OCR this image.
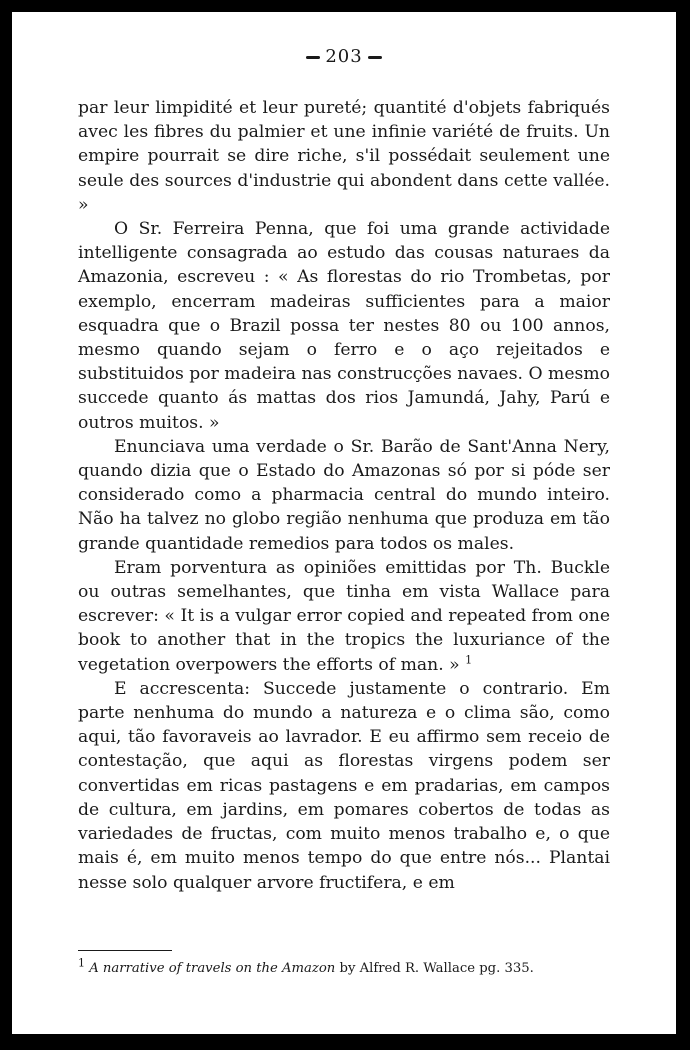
203

par leur limpidité et leur pureté; quantité d'objets fabriqués avec les fibres du palmier et une infinie variété de fruits. Un empire pourrait se dire riche, s'il possédait seulement une seule des sources d'industrie qui abondent dans cette vallée. »

O Sr. Ferreira Penna, que foi uma grande actividade intelligente consagrada ao estudo das cousas naturaes da Amazonia, escreveu : « As florestas do rio Trombetas, por exemplo, encerram madeiras sufficientes para a maior esquadra que o Brazil possa ter nestes 80 ou 100 annos, mesmo quando sejam o ferro e o aço rejeitados e substituidos por madeira nas construcções navaes. O mesmo succede quanto ás mattas dos rios Jamundá, Jahy, Parú e outros muitos. »

Enunciava uma verdade o Sr. Barão de Sant'Anna Nery, quando dizia que o Estado do Amazonas só por si póde ser considerado como a pharmacia central do mundo inteiro. Não ha talvez no globo região nenhuma que produza em tão grande quantidade remedios para todos os males.

Eram porventura as opiniões emittidas por Th. Buckle ou outras semelhantes, que tinha em vista Wallace para escrever: « It is a vulgar error copied and repeated from one book to another that in the tropics the luxuriance of the vegetation overpowers the efforts of man. » $^1$

E accrescenta: Succede justamente o contrario. Em parte nenhuma do mundo a natureza e o clima são, como aqui, tão favoraveis ao lavrador. E eu affirmo sem receio de contestação, que aqui as florestas virgens podem ser convertidas em ricas pastagens e em pradarias, em campos de cultura, em jardins, em pomares cobertos de todas as variedades de fructas, com muito menos trabalho e, o que mais é, em muito menos tempo do que entre nós... Plantai nesse solo qualquer arvore fructifera, e em

$^1$ A narrative of travels on the Amazon by Alfred R. Wallace pg. 335.
